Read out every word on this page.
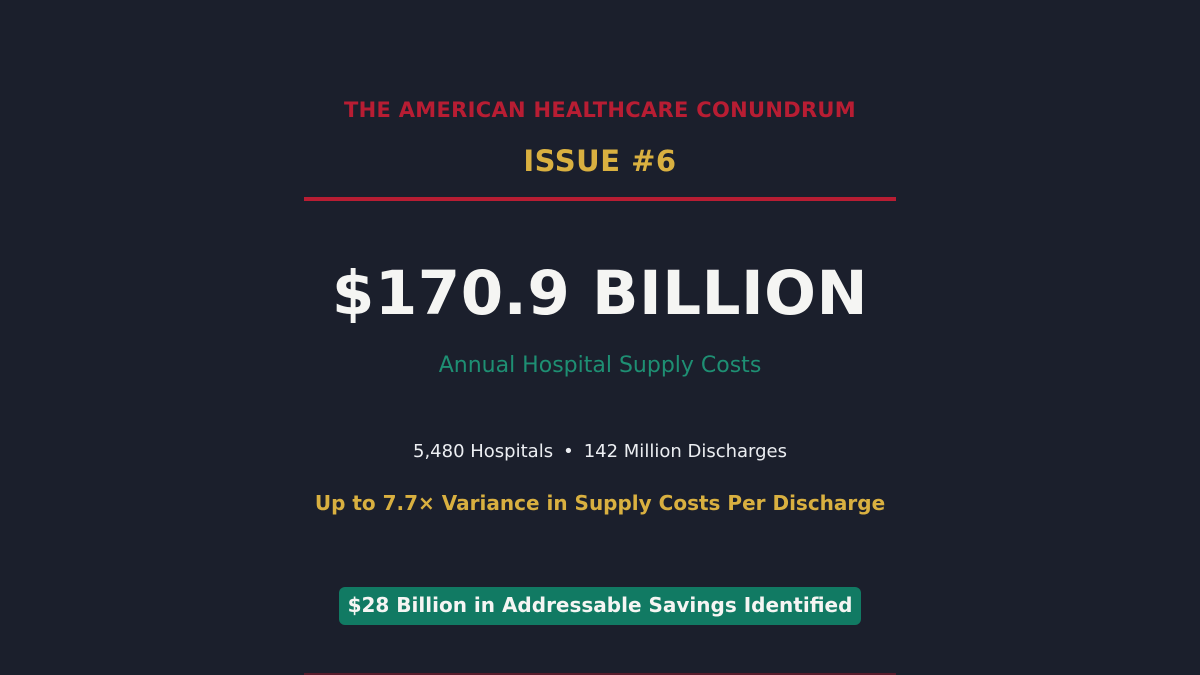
THE AMERICAN HEALTHCARE CONUNDRUM
ISSUE #6
$170.9 BILLION
Annual Hospital Supply Costs
5,480 Hospitals • 142 Million Discharges
Up to 7.7× Variance in Supply Costs Per Discharge
$28 Billion in Addressable Savings Identified
